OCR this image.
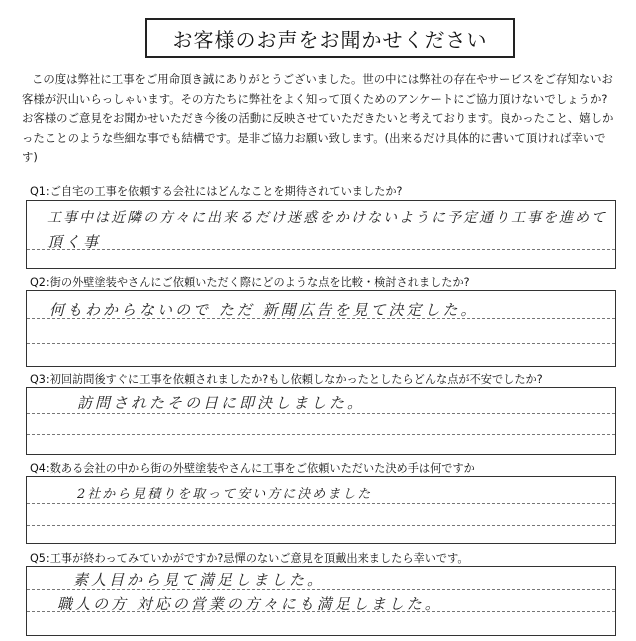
お客様のお声をお聞かせください
この度は弊社に工事をご用命頂き誠にありがとうございました。世の中には弊社の存在やサービスをご存知ないお客様が沢山いらっしゃいます。その方たちに弊社をよく知って頂くためのアンケートにご協力頂けないでしょうか?お客様のご意見をお聞かせいただき今後の活動に反映させていただきたいと考えております。良かったこと、嬉しかったことのような些細な事でも結構です。是非ご協力お願い致します。(出来るだけ具体的に書いて頂ければ幸いです)
Q1:ご自宅の工事を依頼する会社にはどんなことを期待されていましたか?
工事中は近隣の方々に出来るだけ迷惑をかけないように予定通り工事を進めて
頂く事
Q2:街の外壁塗装やさんにご依頼いただく際にどのような点を比較・検討されましたか?
何もわからないので ただ 新聞広告を見て決定した。
Q3:初回訪問後すぐに工事を依頼されましたか?もし依頼しなかったとしたらどんな点が不安でしたか?
訪問されたその日に即決しました。
Q4:数ある会社の中から街の外壁塗装やさんに工事をご依頼いただいた決め手は何ですか
2社から見積りを取って安い方に決めました
Q5:工事が終わってみていかがですか?忌憚のないご意見を頂戴出来ましたら幸いです。
素人目から見て満足しました。
職人の方 対応の営業の方々にも満足しました。
